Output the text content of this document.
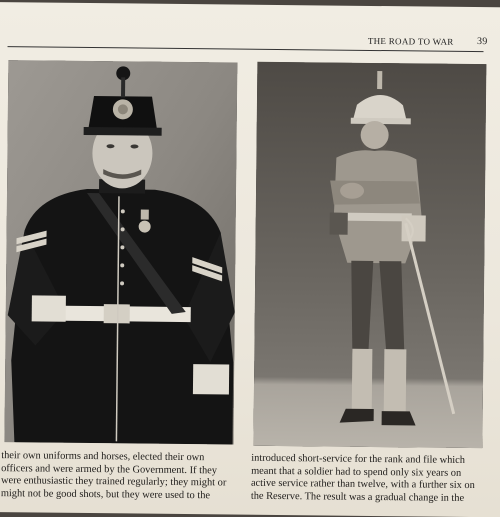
THE ROAD TO WAR 39
their own uniforms and horses, elected their own
officers and were armed by the Government. If they
were enthusiastic they trained regularly; they might or
might not be good shots, but they were used to the
introduced short-service for the rank and file which
meant that a soldier had to spend only six years on
active service rather than twelve, with a further six on
the Reserve. The result was a gradual change in the
